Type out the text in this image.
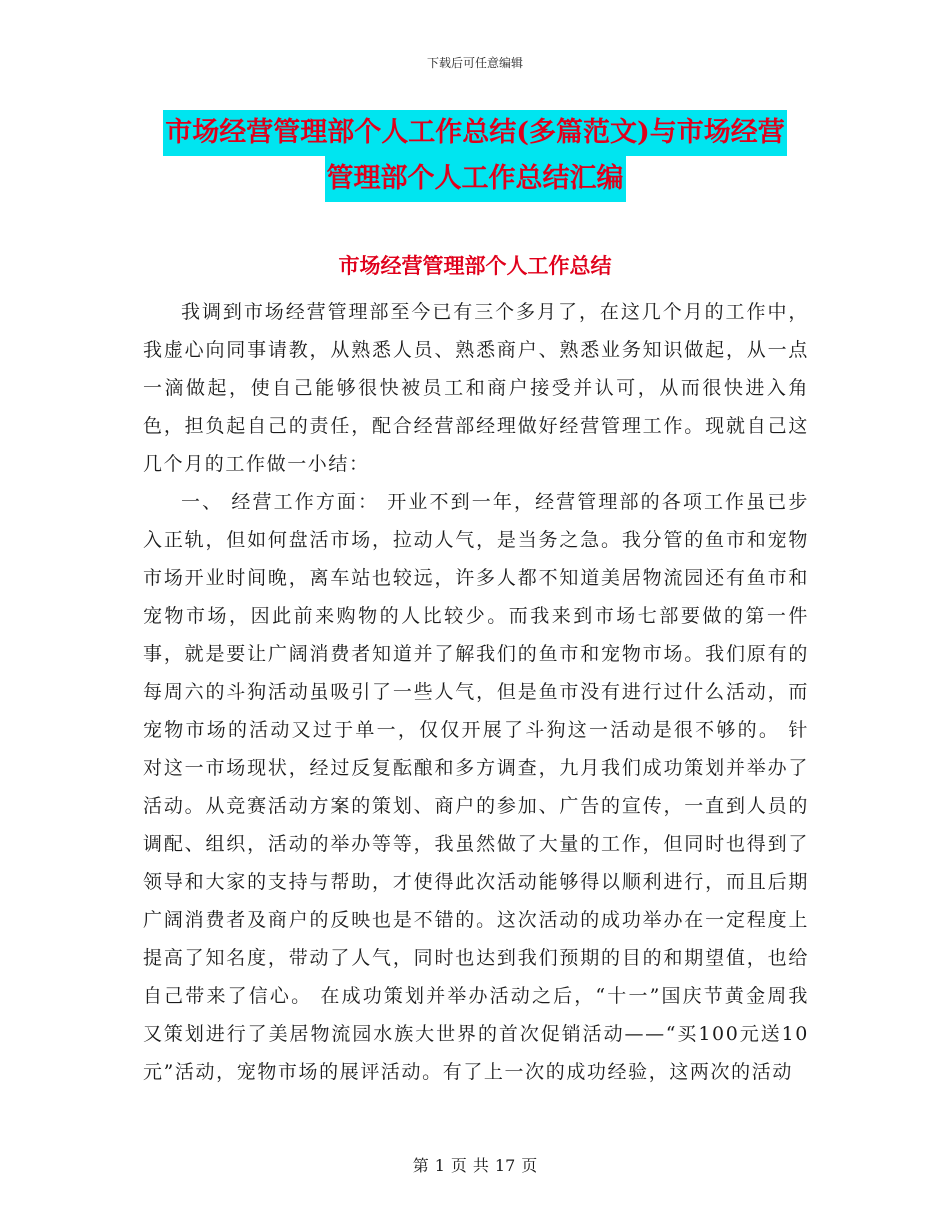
下载后可任意编辑
市场经营管理部个人工作总结(多篇范文)与市场经营
管理部个人工作总结汇编
市场经营管理部个人工作总结

我调到市场经营管理部至今已有三个多月了，在这几个月的工作中，我虚心向同事请教，从熟悉人员、熟悉商户、熟悉业务知识做起，从一点一滴做起，使自己能够很快被员工和商户接受并认可，从而很快进入角色，担负起自己的责任，配合经营部经理做好经营管理工作。现就自己这几个月的工作做一小结：

一、 经营工作方面： 开业不到一年，经营管理部的各项工作虽已步入正轨，但如何盘活市场，拉动人气，是当务之急。我分管的鱼市和宠物市场开业时间晚，离车站也较远，许多人都不知道美居物流园还有鱼市和宠物市场，因此前来购物的人比较少。而我来到市场七部要做的第一件事，就是要让广阔消费者知道并了解我们的鱼市和宠物市场。我们原有的每周六的斗狗活动虽吸引了一些人气，但是鱼市没有进行过什么活动，而宠物市场的活动又过于单一，仅仅开展了斗狗这一活动是很不够的。 针对这一市场现状，经过反复酝酿和多方调查，九月我们成功策划并举办了活动。从竞赛活动方案的策划、商户的参加、广告的宣传，一直到人员的调配、组织，活动的举办等等，我虽然做了大量的工作，但同时也得到了领导和大家的支持与帮助，才使得此次活动能够得以顺利进行，而且后期广阔消费者及商户的反映也是不错的。这次活动的成功举办在一定程度上提高了知名度，带动了人气，同时也达到我们预期的目的和期望值，也给自己带来了信心。 在成功策划并举办活动之后，“十一”国庆节黄金周我又策划进行了美居物流园水族大世界的首次促销活动——“买100元送10元”活动，宠物市场的展评活动。有了上一次的成功经验，这两次的活动

第 1 页 共 17 页
